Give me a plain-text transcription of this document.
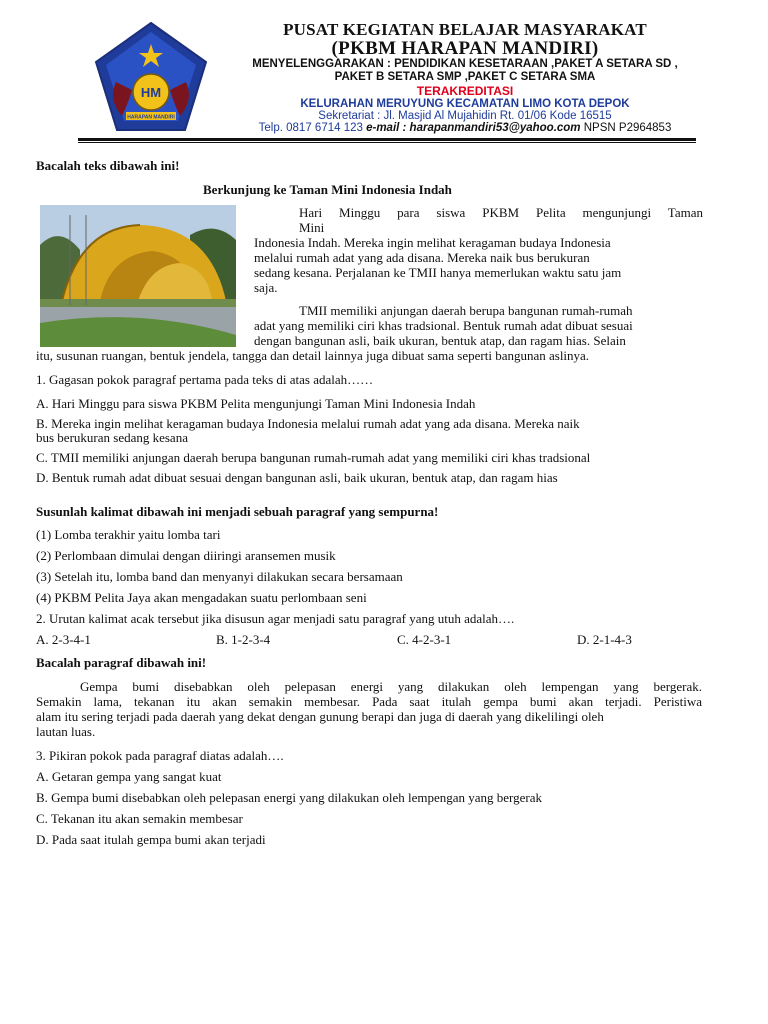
HM
HARAPAN MANDIRI
PUSAT KEGIATAN BELAJAR MASYARAKAT
(PKBM HARAPAN MANDIRI)
MENYELENGGARAKAN : PENDIDIKAN KESETARAAN ,PAKET A SETARA SD ,
PAKET B SETARA SMP ,PAKET C SETARA SMA
TERAKREDITASI
KELURAHAN MERUYUNG KECAMATAN LIMO KOTA DEPOK
Sekretariat : Jl. Masjid Al Mujahidin Rt. 01/06 Kode 16515
Telp. 0817 6714 123 e-mail : harapanmandiri53@yahoo.com NPSN P2964853
Bacalah teks dibawah ini!
Berkunjung ke Taman Mini Indonesia Indah
Hari Minggu para siswa PKBM Pelita mengunjungi Taman
Mini
Indonesia Indah. Mereka ingin melihat keragaman budaya Indonesia
melalui rumah adat yang ada disana. Mereka naik bus berukuran
sedang kesana. Perjalanan ke TMII hanya memerlukan waktu satu jam
saja.
TMII memiliki anjungan daerah berupa bangunan rumah-rumah
adat yang memiliki ciri khas tradsional. Bentuk rumah adat dibuat sesuai
dengan bangunan asli, baik ukuran, bentuk atap, dan ragam hias. Selain
itu, susunan ruangan, bentuk jendela, tangga dan detail lainnya juga dibuat sama seperti bangunan aslinya.
1. Gagasan pokok paragraf pertama pada teks di atas adalah……
A. Hari Minggu para siswa PKBM Pelita mengunjungi Taman Mini Indonesia Indah
B. Mereka ingin melihat keragaman budaya Indonesia melalui rumah adat yang ada disana. Mereka naik
bus berukuran sedang kesana
C. TMII memiliki anjungan daerah berupa bangunan rumah-rumah adat yang memiliki ciri khas tradsional
D. Bentuk rumah adat dibuat sesuai dengan bangunan asli, baik ukuran, bentuk atap, dan ragam hias
Susunlah kalimat dibawah ini menjadi sebuah paragraf yang sempurna!
(1) Lomba terakhir yaitu lomba tari
(2) Perlombaan dimulai dengan diiringi aransemen musik
(3) Setelah itu, lomba band dan menyanyi dilakukan secara bersamaan
(4) PKBM Pelita Jaya akan mengadakan suatu perlombaan seni
2. Urutan kalimat acak tersebut jika disusun agar menjadi satu paragraf yang utuh adalah….
A. 2-3-4-1	B. 1-2-3-4	C. 4-2-3-1	D. 2-1-4-3
Bacalah paragraf dibawah ini!
Gempa bumi disebabkan oleh pelepasan energi yang dilakukan oleh lempengan yang bergerak.
Semakin lama, tekanan itu akan semakin membesar. Pada saat itulah gempa bumi akan terjadi. Peristiwa
alam itu sering terjadi pada daerah yang dekat dengan gunung berapi dan juga di daerah yang dikelilingi oleh
lautan luas.
3. Pikiran pokok pada paragraf diatas adalah….
A. Getaran gempa yang sangat kuat
B. Gempa bumi disebabkan oleh pelepasan energi yang dilakukan oleh lempengan yang bergerak
C. Tekanan itu akan semakin membesar
D. Pada saat itulah gempa bumi akan terjadi
